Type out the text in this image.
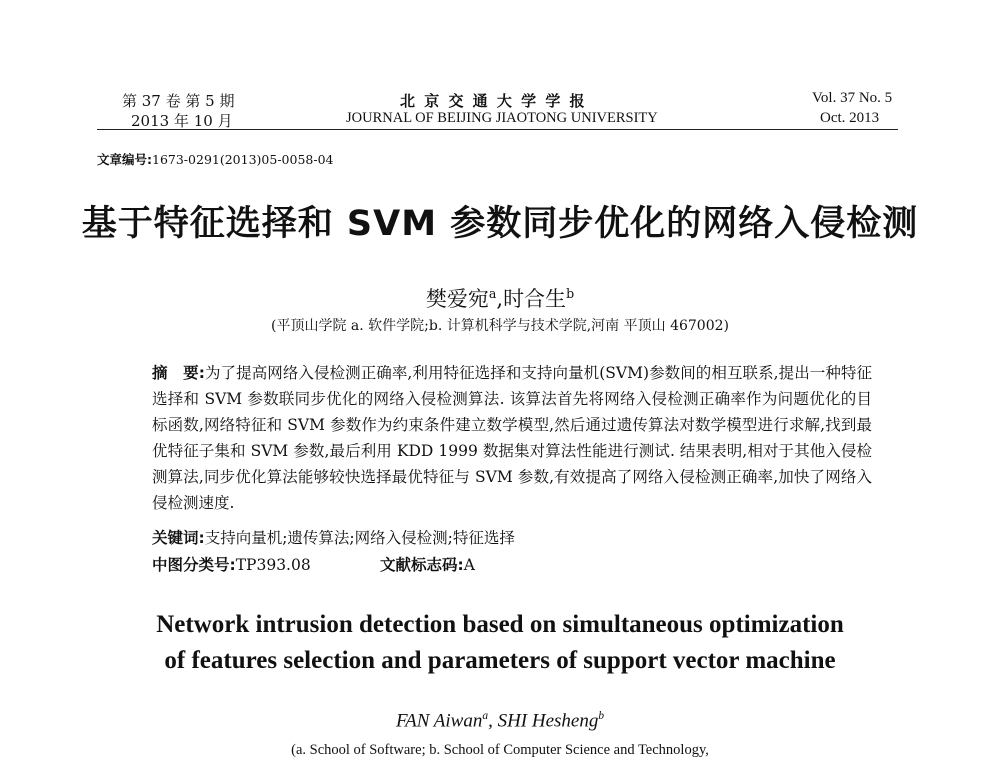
第 37 卷 第 5 期
2013 年 10 月
北 京 交 通 大 学 学 报
JOURNAL OF BEIJING JIAOTONG UNIVERSITY
Vol. 37 No. 5
Oct. 2013
文章编号:1673-0291(2013)05-0058-04
基于特征选择和 SVM 参数同步优化的网络入侵检测
樊爱宛$^a$,时合生$^b$
(平顶山学院 a. 软件学院;b. 计算机科学与技术学院,河南 平顶山 467002)
摘　要:为了提高网络入侵检测正确率,利用特征选择和支持向量机(SVM)参数间的相互联系,提出一种特征选择和 SVM 参数联同步优化的网络入侵检测算法. 该算法首先将网络入侵检测正确率作为问题优化的目标函数,网络特征和 SVM 参数作为约束条件建立数学模型,然后通过遗传算法对数学模型进行求解,找到最优特征子集和 SVM 参数,最后利用 KDD 1999 数据集对算法性能进行测试. 结果表明,相对于其他入侵检测算法,同步优化算法能够较快选择最优特征与 SVM 参数,有效提高了网络入侵检测正确率,加快了网络入侵检测速度.
关键词:支持向量机;遗传算法;网络入侵检测;特征选择
中图分类号:TP393.08	文献标志码:A
Network intrusion detection based on simultaneous optimization
of features selection and parameters of support vector machine
FAN Aiwan$^a$, SHI Hesheng$^b$
(a. School of Software; b. School of Computer Science and Technology,
